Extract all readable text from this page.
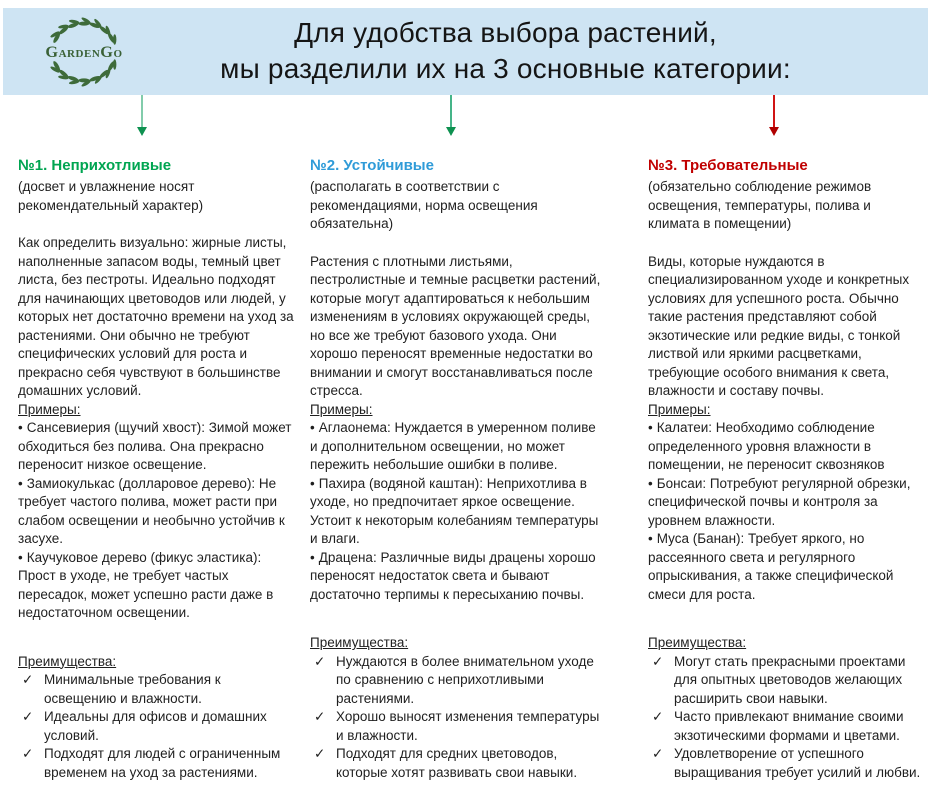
GardenGo
Для удобства выбора растений,
мы разделили их на 3 основные категории:
№1. Неприхотливые

(досвет и увлажнение носят рекомендательный характер)

Как определить визуально: жирные листы, наполненные запасом воды, темный цвет листа, без пестроты. Идеально подходят для начинающих цветоводов или людей, у которых нет достаточно времени на уход за растениями. Они обычно не требуют специфических условий для роста и прекрасно себя чувствуют в большинстве домашних условий.

Примеры:

• Сансевиерия (щучий хвост): Зимой может обходиться без полива. Она прекрасно переносит низкое освещение.
• Замиокулькас (долларовое дерево): Не требует частого полива, может расти при слабом освещении и необычно устойчив к засухе.
• Каучуковое дерево (фикус эластика): Прост в уходе, не требует частых пересадок, может успешно расти даже в недостаточном освещении.

Преимущества:

✓ Минимальные требования к освещению и влажности.
✓ Идеальны для офисов и домашних условий.
✓ Подходят для людей с ограниченным временем на уход за растениями.
№2. Устойчивые

(располагать в соответствии с рекомендациями, норма освещения обязательна)

Растения с плотными листьями, пестролистные и темные расцветки растений, которые могут адаптироваться к небольшим изменениям в условиях окружающей среды, но все же требуют базового ухода. Они хорошо переносят временные недостатки во внимании и смогут восстанавливаться после стресса.

Примеры:

• Аглаонема: Нуждается в умеренном поливе и дополнительном освещении, но может пережить небольшие ошибки в поливе.
• Пахира (водяной каштан): Неприхотлива в уходе, но предпочитает яркое освещение. Устоит к некоторым колебаниям температуры и влаги.
• Драцена: Различные виды драцены хорошо переносят недостаток света и бывают достаточно терпимы к пересыханию почвы.

Преимущества:

✓ Нуждаются в более внимательном уходе по сравнению с неприхотливыми растениями.
✓ Хорошо выносят изменения температуры и влажности.
✓ Подходят для средних цветоводов, которые хотят развивать свои навыки.
№3. Требовательные

(обязательно соблюдение режимов освещения, температуры, полива и климата в помещении)

Виды, которые нуждаются в специализированном уходе и конкретных условиях для успешного роста. Обычно такие растения представляют собой экзотические или редкие виды, с тонкой листвой или яркими расцветками, требующие особого внимания к света, влажности и составу почвы.

Примеры:

• Калатеи: Необходимо соблюдение определенного уровня влажности в помещении, не переносит сквозняков
• Бонсаи: Потребуют регулярной обрезки, специфической почвы и контроля за уровнем влажности.
• Муса (Банан): Требует яркого, но рассеянного света и регулярного опрыскивания, а также специфической смеси для роста.

Преимущества:

✓ Могут стать прекрасными проектами для опытных цветоводов желающих расширить свои навыки.
✓ Часто привлекают внимание своими экзотическими формами и цветами.
✓ Удовлетворение от успешного выращивания требует усилий и любви.
